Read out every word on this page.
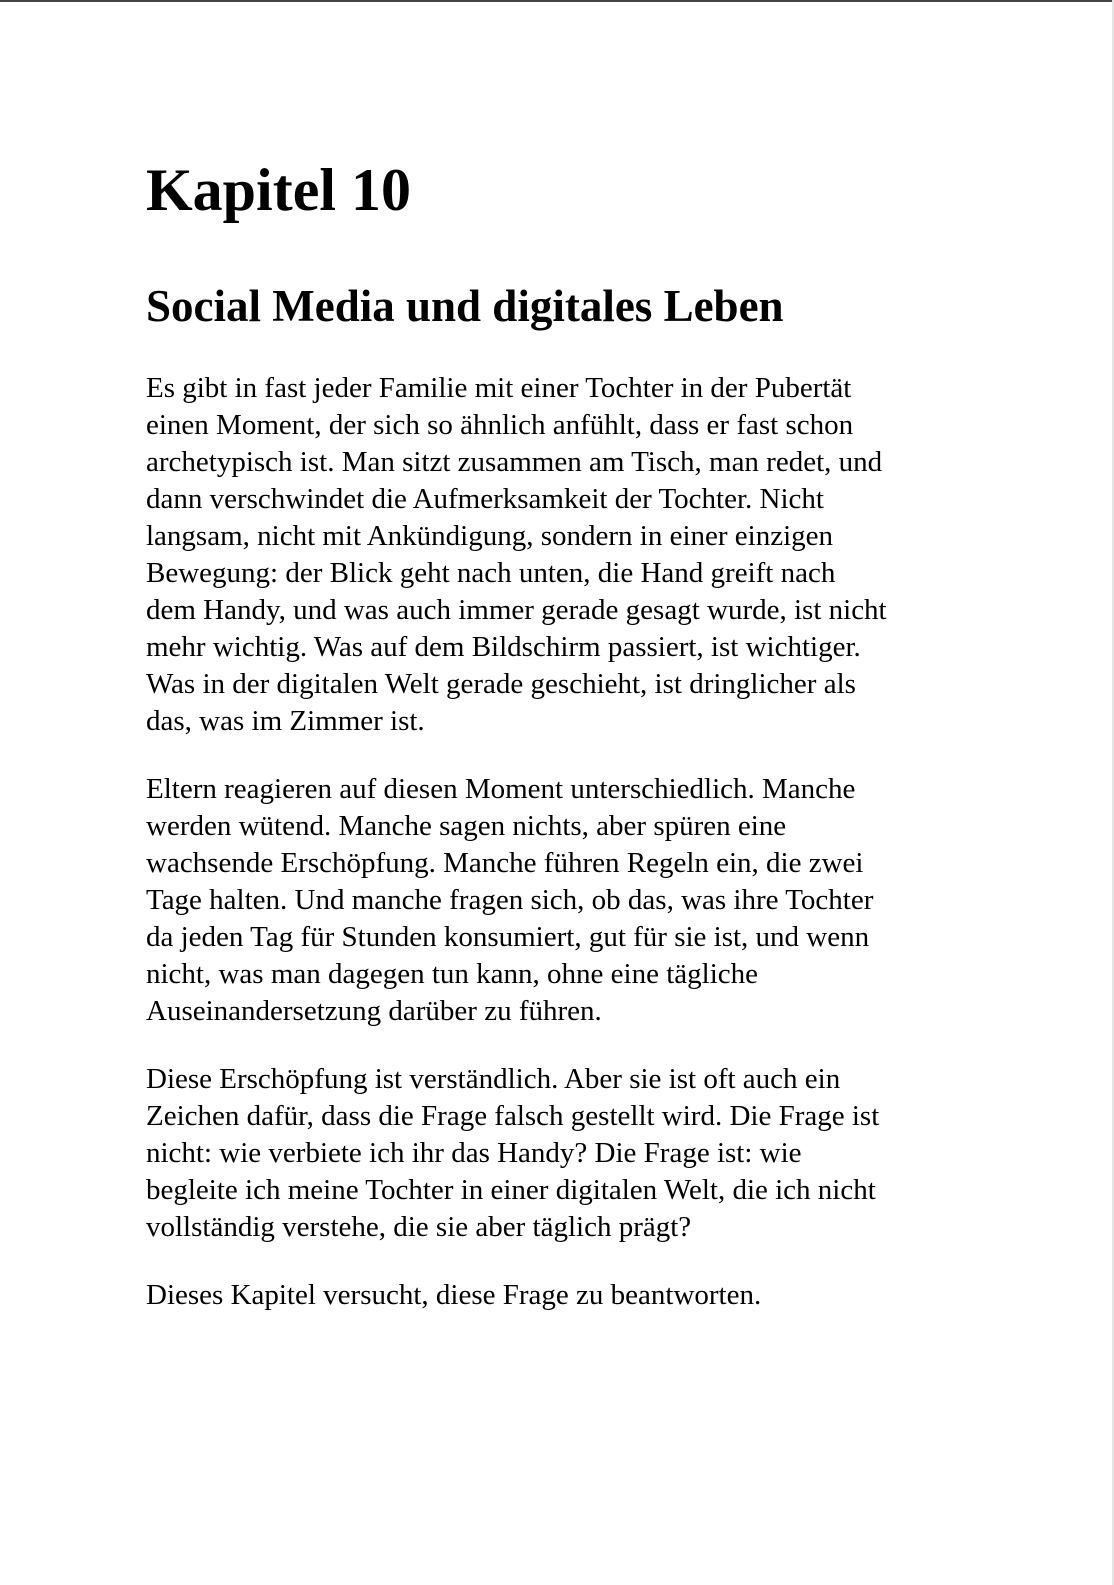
Kapitel 10
Social Media und digitales Leben

Es gibt in fast jeder Familie mit einer Tochter in der Pubertät
einen Moment, der sich so ähnlich anfühlt, dass er fast schon
archetypisch ist. Man sitzt zusammen am Tisch, man redet, und
dann verschwindet die Aufmerksamkeit der Tochter. Nicht
langsam, nicht mit Ankündigung, sondern in einer einzigen
Bewegung: der Blick geht nach unten, die Hand greift nach
dem Handy, und was auch immer gerade gesagt wurde, ist nicht
mehr wichtig. Was auf dem Bildschirm passiert, ist wichtiger.
Was in der digitalen Welt gerade geschieht, ist dringlicher als
das, was im Zimmer ist.

Eltern reagieren auf diesen Moment unterschiedlich. Manche
werden wütend. Manche sagen nichts, aber spüren eine
wachsende Erschöpfung. Manche führen Regeln ein, die zwei
Tage halten. Und manche fragen sich, ob das, was ihre Tochter
da jeden Tag für Stunden konsumiert, gut für sie ist, und wenn
nicht, was man dagegen tun kann, ohne eine tägliche
Auseinandersetzung darüber zu führen.

Diese Erschöpfung ist verständlich. Aber sie ist oft auch ein
Zeichen dafür, dass die Frage falsch gestellt wird. Die Frage ist
nicht: wie verbiete ich ihr das Handy? Die Frage ist: wie
begleite ich meine Tochter in einer digitalen Welt, die ich nicht
vollständig verstehe, die sie aber täglich prägt?

Dieses Kapitel versucht, diese Frage zu beantworten.
